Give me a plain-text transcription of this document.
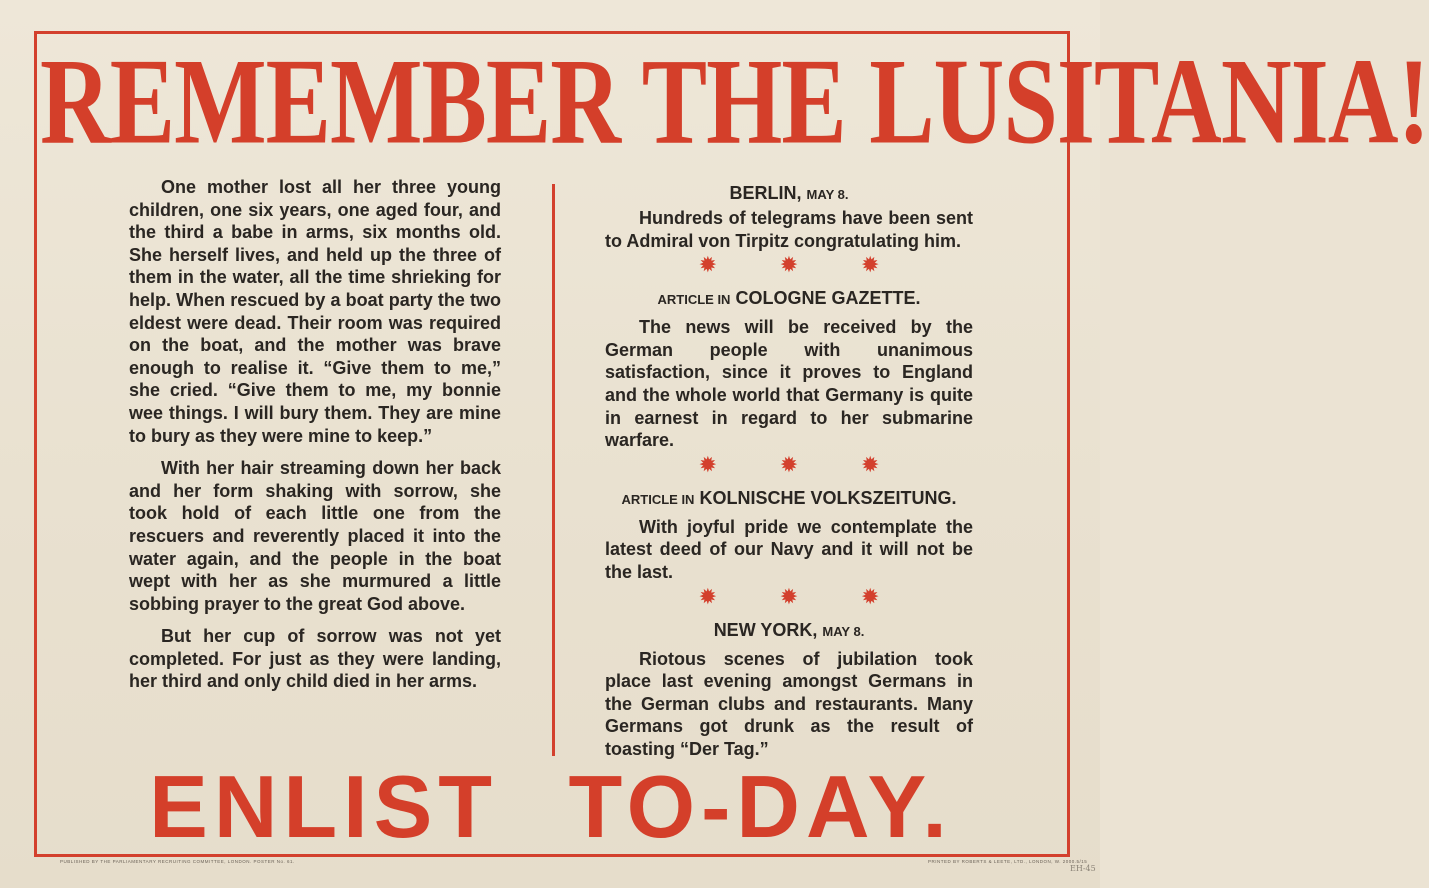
REMEMBER THE LUSITANIA!

One mother lost all her three young children, one six years, one aged four, and the third a babe in arms, six months old. She herself lives, and held up the three of them in the water, all the time shrieking for help. When rescued by a boat party the two eldest were dead. Their room was required on the boat, and the mother was brave enough to realise it. “Give them to me,” she cried. “Give them to me, my bonnie wee things. I will bury them. They are mine to bury as they were mine to keep.”

With her hair streaming down her back and her form shaking with sorrow, she took hold of each little one from the rescuers and reverently placed it into the water again, and the people in the boat wept with her as she murmured a little sobbing prayer to the great God above.

But her cup of sorrow was not yet completed. For just as they were landing, her third and only child died in her arms.

BERLIN, MAY 8.

Hundreds of telegrams have been sent to Admiral von Tirpitz congratulating him.

✹ ✹ ✹
ARTICLE IN COLOGNE GAZETTE.

The news will be received by the German people with unanimous satisfaction, since it proves to England and the whole world that Germany is quite in earnest in regard to her submarine warfare.

✹ ✹ ✹
ARTICLE IN KOLNISCHE VOLKSZEITUNG.

With joyful pride we contemplate the latest deed of our Navy and it will not be the last.

✹ ✹ ✹
NEW YORK, MAY 8.

Riotous scenes of jubilation took place last evening amongst Germans in the German clubs and restaurants. Many Germans got drunk as the result of toasting “Der Tag.”

ENLIST TO-DAY.
PUBLISHED BY THE PARLIAMENTARY RECRUITING COMMITTEE, LONDON. POSTER No. 61.	PRINTED BY ROBERTS & LEETE, LTD., LONDON, W. 2000.5/15
EH-45
